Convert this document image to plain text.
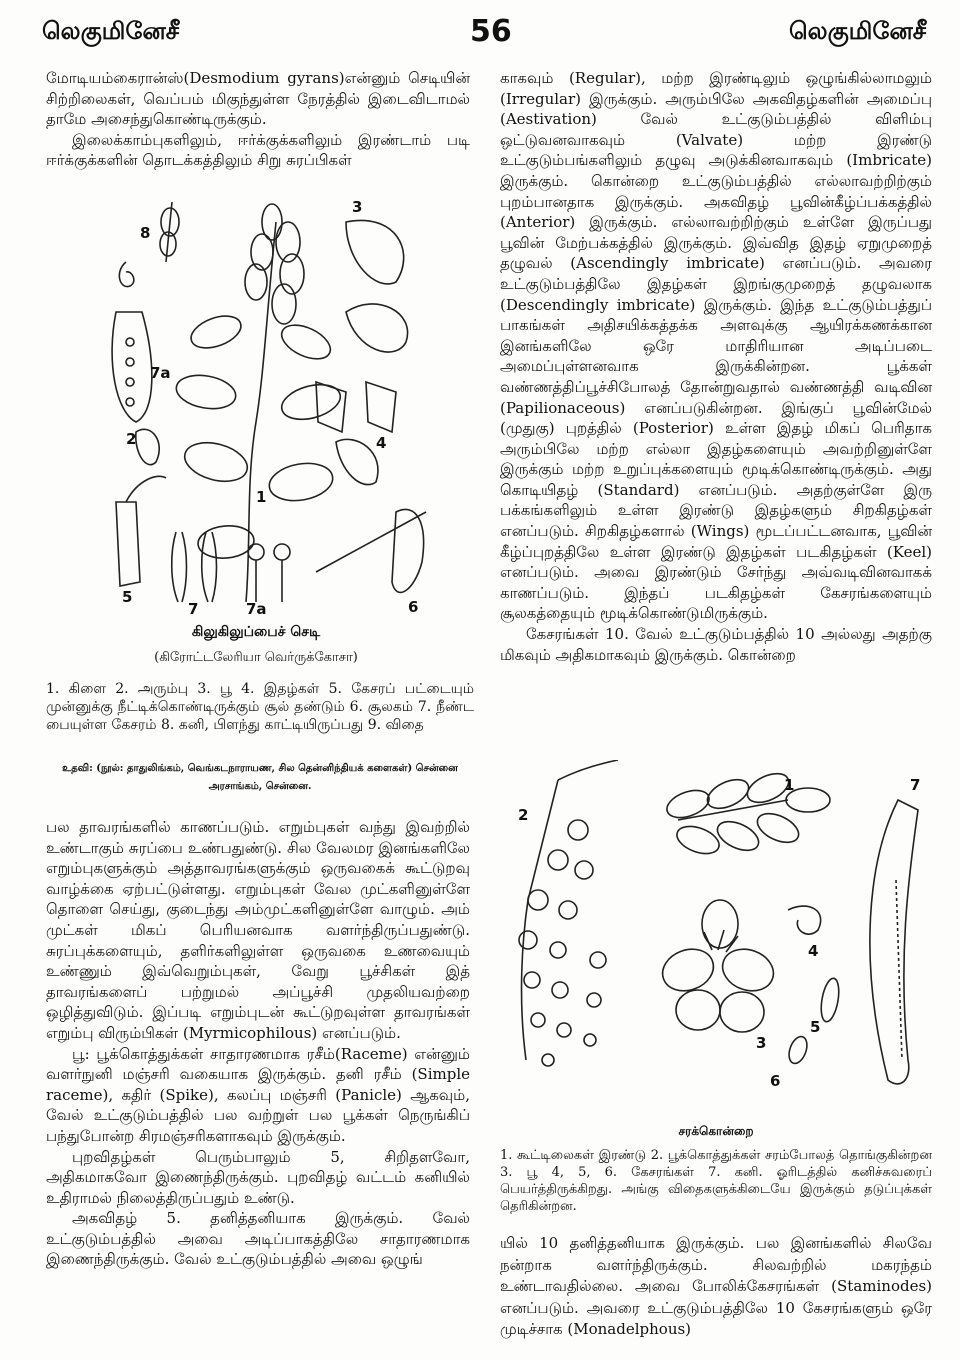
லெகுமினேசீ	56	லெகுமினேசீ

மோடியம்கைரான்ஸ்(Desmodium gyrans)என்னும் செடியின் சிற்றிலைகள், வெப்பம் மிகுந்துள்ள நேரத்தில் இடைவிடாமல் தாமே அசைந்துகொண்டிருக்கும்.

இலைக்காம்புகளிலும், ஈர்க்குக்களிலும் இரண்டாம் படி ஈர்க்குக்களின் தொடக்கத்திலும் சிறு சுரப்பிகள்

8
3
7a
2	4
1
5
7	7a	6
கிலுகிலுப்பைச் செடி
(கிரோட்டலேரியா வெர்ருக்கோசா)
1. கிளை 2. அரும்பு 3. பூ 4. இதழ்கள் 5. கேசரப் பட்டையும் முன்னுக்கு நீட்டிக்கொண்டிருக்கும் சூல் தண்டும் 6. சூலகம் 7. நீண்ட பையுள்ள கேசரம் 8. கனி, பிளந்து காட்டியிருப்பது 9. விதை
உதவி: (நூல்: தாதுலிங்கம், வெங்கடநாராயண, சில தென்னிந்தியக் களைகள்) சென்னை அரசாங்கம், சென்னை.

பல தாவரங்களில் காணப்படும். எறும்புகள் வந்து இவற்றில் உண்டாகும் சுரப்பை உண்பதுண்டு. சில வேலமர இனங்களிலே எறும்புகளுக்கும் அத்தாவரங்களுக்கும் ஒருவகைக் கூட்டுறவு வாழ்க்கை ஏற்பட்டுள்ளது. எறும்புகள் வேல முட்களினுள்ளே தொளை செய்து, குடைந்து அம்முட்களினுள்ளே வாழும். அம் முட்கள் மிகப் பெரியனவாக வளர்ந்திருப்பதுண்டு. சுரப்புக்களையும், தளிர்களிலுள்ள ஒருவகை உணவையும் உண்ணும் இவ்வெறும்புகள், வேறு பூச்சிகள் இத் தாவரங்களைப் பற்றுமல் அப்பூச்சி முதலியவற்றை ஒழித்துவிடும். இப்படி எறும்புடன் கூட்டுறவுள்ள தாவரங்கள் எறும்பு விரும்பிகள் (Myrmicophilous) எனப்படும்.

பூ: பூக்கொத்துக்கள் சாதாரணமாக ரசீம்(Raceme) என்னும் வளர்நுனி மஞ்சரி வகையாக இருக்கும். தனி ரசீம் (Simple raceme), கதிர் (Spike), கலப்பு மஞ்சரி (Panicle) ஆகவும், வேல் உட்குடும்பத்தில் பல வற்றுள் பல பூக்கள் நெருங்கிப் பந்துபோன்ற சிரமஞ்சரிகளாகவும் இருக்கும்.

புறவிதழ்கள் பெரும்பாலும் 5, சிறிதளவோ, அதிகமாகவோ இணைந்திருக்கும். புறவிதழ் வட்டம் கனியில் உதிராமல் நிலைத்திருப்பதும் உண்டு.

அகவிதழ் 5. தனித்தனியாக இருக்கும். வேல் உட்குடும்பத்தில் அவை அடிப்பாகத்திலே சாதாரணமாக இணைந்திருக்கும். வேல் உட்குடும்பத்தில் அவை ஒழுங்

காகவும் (Regular), மற்ற இரண்டிலும் ஒழுங்கில்லாமலும் (Irregular) இருக்கும். அரும்பிலே அகவிதழ்களின் அமைப்பு (Aestivation) வேல் உட்குடும்பத்தில் விளிம்பு ஒட்டுவனவாகவும் (Valvate) மற்ற இரண்டு உட்குடும்பங்களிலும் தழுவு அடுக்கினவாகவும் (Imbricate) இருக்கும். கொன்றை உட்குடும்பத்தில் எல்லாவற்றிற்கும் புறம்பானதாக இருக்கும். அகவிதழ் பூவின்கீழ்ப்பக்கத்தில் (Anterior) இருக்கும். எல்லாவற்றிற்கும் உள்ளே இருப்பது பூவின் மேற்பக்கத்தில் இருக்கும். இவ்வித இதழ் ஏறுமுறைத் தழுவல் (Ascendingly imbricate) எனப்படும். அவரை உட்குடும்பத்திலே இதழ்கள் இறங்குமுறைத் தழுவலாக (Descendingly imbricate) இருக்கும். இந்த உட்குடும்பத்துப் பாகங்கள் அதிசயிக்கத்தக்க அளவுக்கு ஆயிரக்கணக்கான இனங்களிலே ஒரே மாதிரியான அடிப்படை அமைப்புள்ளனவாக இருக்கின்றன. பூக்கள் வண்ணத்திப்பூச்சிபோலத் தோன்றுவதால் வண்ணத்தி வடிவின (Papilionaceous) எனப்படுகின்றன. இங்குப் பூவின்மேல் (முதுகு) புறத்தில் (Posterior) உள்ள இதழ் மிகப் பெரிதாக அரும்பிலே மற்ற எல்லா இதழ்களையும் அவற்றினுள்ளே இருக்கும் மற்ற உறுப்புக்களையும் மூடிக்கொண்டிருக்கும். அது கொடியிதழ் (Standard) எனப்படும். அதற்குள்ளே இரு பக்கங்களிலும் உள்ள இரண்டு இதழ்களும் சிறகிதழ்கள் எனப்படும். சிறகிதழ்களால் (Wings) மூடப்பட்டனவாக, பூவின் கீழ்ப்புறத்திலே உள்ள இரண்டு இதழ்கள் படகிதழ்கள் (Keel) எனப்படும். அவை இரண்டும் சேர்ந்து அவ்வடிவினவாகக் காணப்படும். இந்தப் படகிதழ்கள் கேசரங்களையும் சூலகத்தையும் மூடிக்கொண்டுமிருக்கும்.

கேசரங்கள் 10. வேல் உட்குடும்பத்தில் 10 அல்லது அதற்கு மிகவும் அதிகமாகவும் இருக்கும். கொன்றை

1
2
3
4
5
6
7
சரக்கொன்றை
1. கூட்டிலைகள் இரண்டு 2. பூக்கொத்துக்கள் சரம்போலத் தொங்குகின்றன 3. பூ 4, 5, 6. கேசரங்கள் 7. கனி. ஓரிடத்தில் கனிச்சுவரைப் பெயர்த்திருக்கிறது. அங்கு விதைகளுக்கிடையே இருக்கும் தடுப்புக்கள் தெரிகின்றன.

யில் 10 தனித்தனியாக இருக்கும். பல இனங்களில் சிலவே நன்றாக வளர்ந்திருக்கும். சிலவற்றில் மகரந்தம் உண்டாவதில்லை. அவை போலிக்கேசரங்கள் (Staminodes) எனப்படும். அவரை உட்குடும்பத்திலே 10 கேசரங்களும் ஒரே முடிச்சாக (Monadelphous)
